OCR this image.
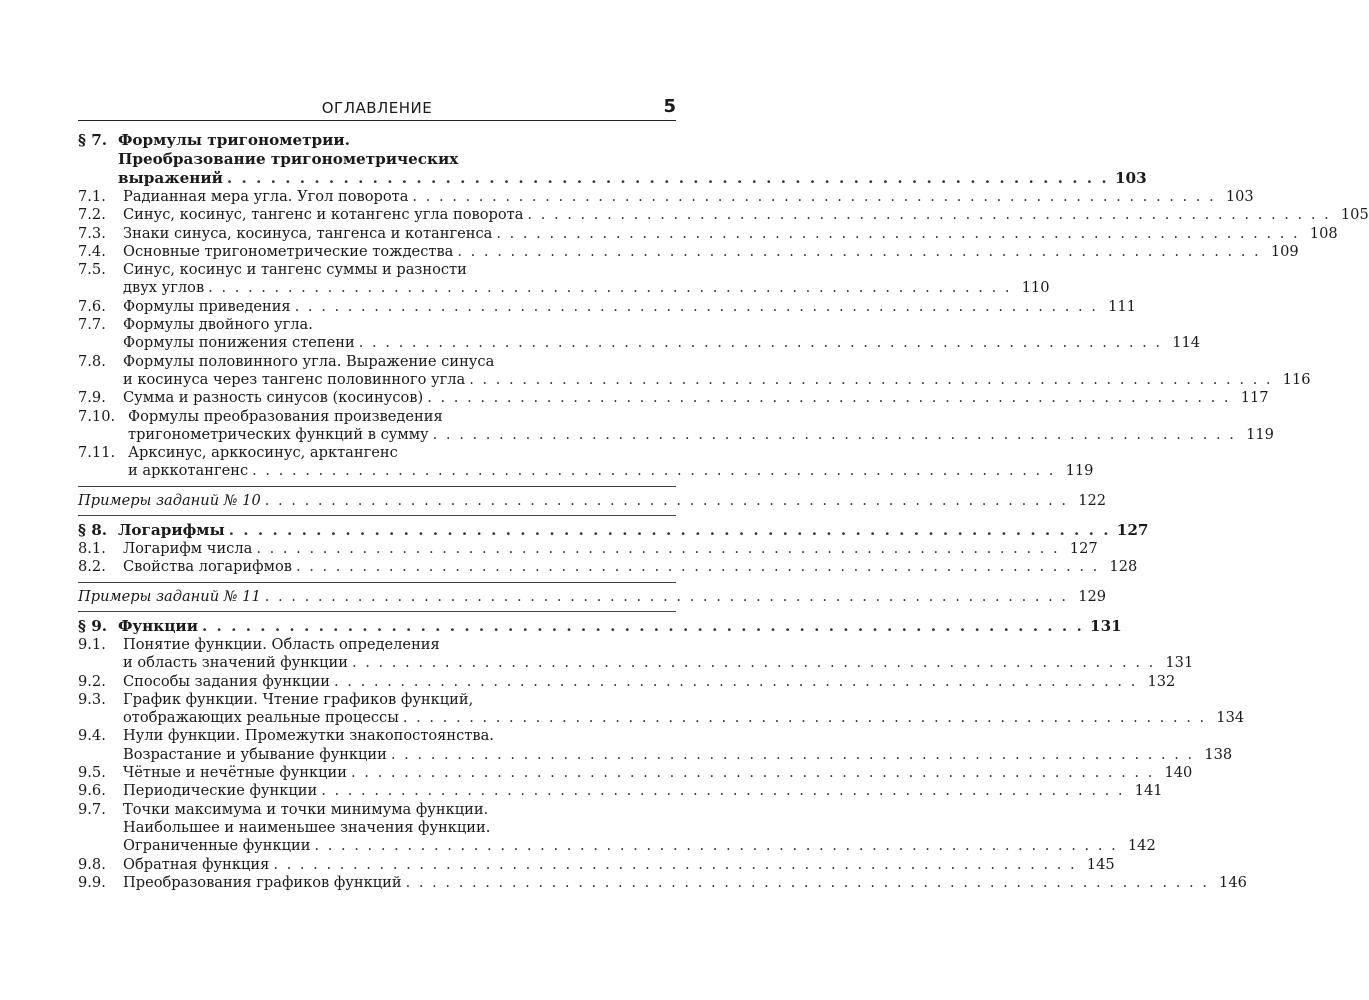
ОГЛАВЛЕНИЕ	5
§ 7. Формулы тригонометрии.
Преобразование тригонометрических
выражений . . . . . . . . . . . . . . . . . . . . . . . . . . . . . . . . . . . . . . . . . . . . . . . . . . . . . . . . . . . . . 103
7.1.	Радианная мера угла. Угол поворота . . . . . . . . . . . . . . . . . . . . . . . . . . . . . . . . . . . . . . . . . . . . . . . . . . . . . . . . . . . . . 103
7.2.	Синус, косинус, тангенс и котангенс угла поворота . . . . . . . . . . . . . . . . . . . . . . . . . . . . . . . . . . . . . . . . . . . . . . . . . . . . . . . . . . . . . 105
7.3.	Знаки синуса, косинуса, тангенса и котангенса . . . . . . . . . . . . . . . . . . . . . . . . . . . . . . . . . . . . . . . . . . . . . . . . . . . . . . . . . . . . . 108
7.4.	Основные тригонометрические тождества . . . . . . . . . . . . . . . . . . . . . . . . . . . . . . . . . . . . . . . . . . . . . . . . . . . . . . . . . . . . . 109
7.5.	Синус, косинус и тангенс суммы и разности
двух углов . . . . . . . . . . . . . . . . . . . . . . . . . . . . . . . . . . . . . . . . . . . . . . . . . . . . . . . . . . . . . 110
7.6.	Формулы приведения . . . . . . . . . . . . . . . . . . . . . . . . . . . . . . . . . . . . . . . . . . . . . . . . . . . . . . . . . . . . . 111
7.7.	Формулы двойного угла.
Формулы понижения степени . . . . . . . . . . . . . . . . . . . . . . . . . . . . . . . . . . . . . . . . . . . . . . . . . . . . . . . . . . . . . 114
7.8.	Формулы половинного угла. Выражение синуса
и косинуса через тангенс половинного угла . . . . . . . . . . . . . . . . . . . . . . . . . . . . . . . . . . . . . . . . . . . . . . . . . . . . . . . . . . . . . 116
7.9.	Сумма и разность синусов (косинусов) . . . . . . . . . . . . . . . . . . . . . . . . . . . . . . . . . . . . . . . . . . . . . . . . . . . . . . . . . . . . . 117
7.10. Формулы преобразования произведения
тригонометрических функций в сумму . . . . . . . . . . . . . . . . . . . . . . . . . . . . . . . . . . . . . . . . . . . . . . . . . . . . . . . . . . . . . 119
7.11. Арксинус, арккосинус, арктангенс
и арккотангенс . . . . . . . . . . . . . . . . . . . . . . . . . . . . . . . . . . . . . . . . . . . . . . . . . . . . . . . . . . . . . 119
Примеры заданий № 10 . . . . . . . . . . . . . . . . . . . . . . . . . . . . . . . . . . . . . . . . . . . . . . . . . . . . . . . . . . . . . 122
§ 8. Логарифмы . . . . . . . . . . . . . . . . . . . . . . . . . . . . . . . . . . . . . . . . . . . . . . . . . . . . . . . . . . . . . 127
8.1.	Логарифм числа . . . . . . . . . . . . . . . . . . . . . . . . . . . . . . . . . . . . . . . . . . . . . . . . . . . . . . . . . . . . . 127
8.2.	Свойства логарифмов . . . . . . . . . . . . . . . . . . . . . . . . . . . . . . . . . . . . . . . . . . . . . . . . . . . . . . . . . . . . . 128
Примеры заданий № 11 . . . . . . . . . . . . . . . . . . . . . . . . . . . . . . . . . . . . . . . . . . . . . . . . . . . . . . . . . . . . . 129
§ 9. Функции . . . . . . . . . . . . . . . . . . . . . . . . . . . . . . . . . . . . . . . . . . . . . . . . . . . . . . . . . . . . . 131
9.1.	Понятие функции. Область определения
и область значений функции . . . . . . . . . . . . . . . . . . . . . . . . . . . . . . . . . . . . . . . . . . . . . . . . . . . . . . . . . . . . . 131
9.2.	Способы задания функции . . . . . . . . . . . . . . . . . . . . . . . . . . . . . . . . . . . . . . . . . . . . . . . . . . . . . . . . . . . . . 132
9.3.	График функции. Чтение графиков функций,
отображающих реальные процессы . . . . . . . . . . . . . . . . . . . . . . . . . . . . . . . . . . . . . . . . . . . . . . . . . . . . . . . . . . . . . 134
9.4.	Нули функции. Промежутки знакопостоянства.
Возрастание и убывание функции . . . . . . . . . . . . . . . . . . . . . . . . . . . . . . . . . . . . . . . . . . . . . . . . . . . . . . . . . . . . . 138
9.5.	Чётные и нечётные функции . . . . . . . . . . . . . . . . . . . . . . . . . . . . . . . . . . . . . . . . . . . . . . . . . . . . . . . . . . . . . 140
9.6.	Периодические функции . . . . . . . . . . . . . . . . . . . . . . . . . . . . . . . . . . . . . . . . . . . . . . . . . . . . . . . . . . . . . 141
9.7.	Точки максимума и точки минимума функции.
Наибольшее и наименьшее значения функции.
Ограниченные функции . . . . . . . . . . . . . . . . . . . . . . . . . . . . . . . . . . . . . . . . . . . . . . . . . . . . . . . . . . . . . 142
9.8.	Обратная функция . . . . . . . . . . . . . . . . . . . . . . . . . . . . . . . . . . . . . . . . . . . . . . . . . . . . . . . . . . . . . 145
9.9.	Преобразования графиков функций . . . . . . . . . . . . . . . . . . . . . . . . . . . . . . . . . . . . . . . . . . . . . . . . . . . . . . . . . . . . . 146
